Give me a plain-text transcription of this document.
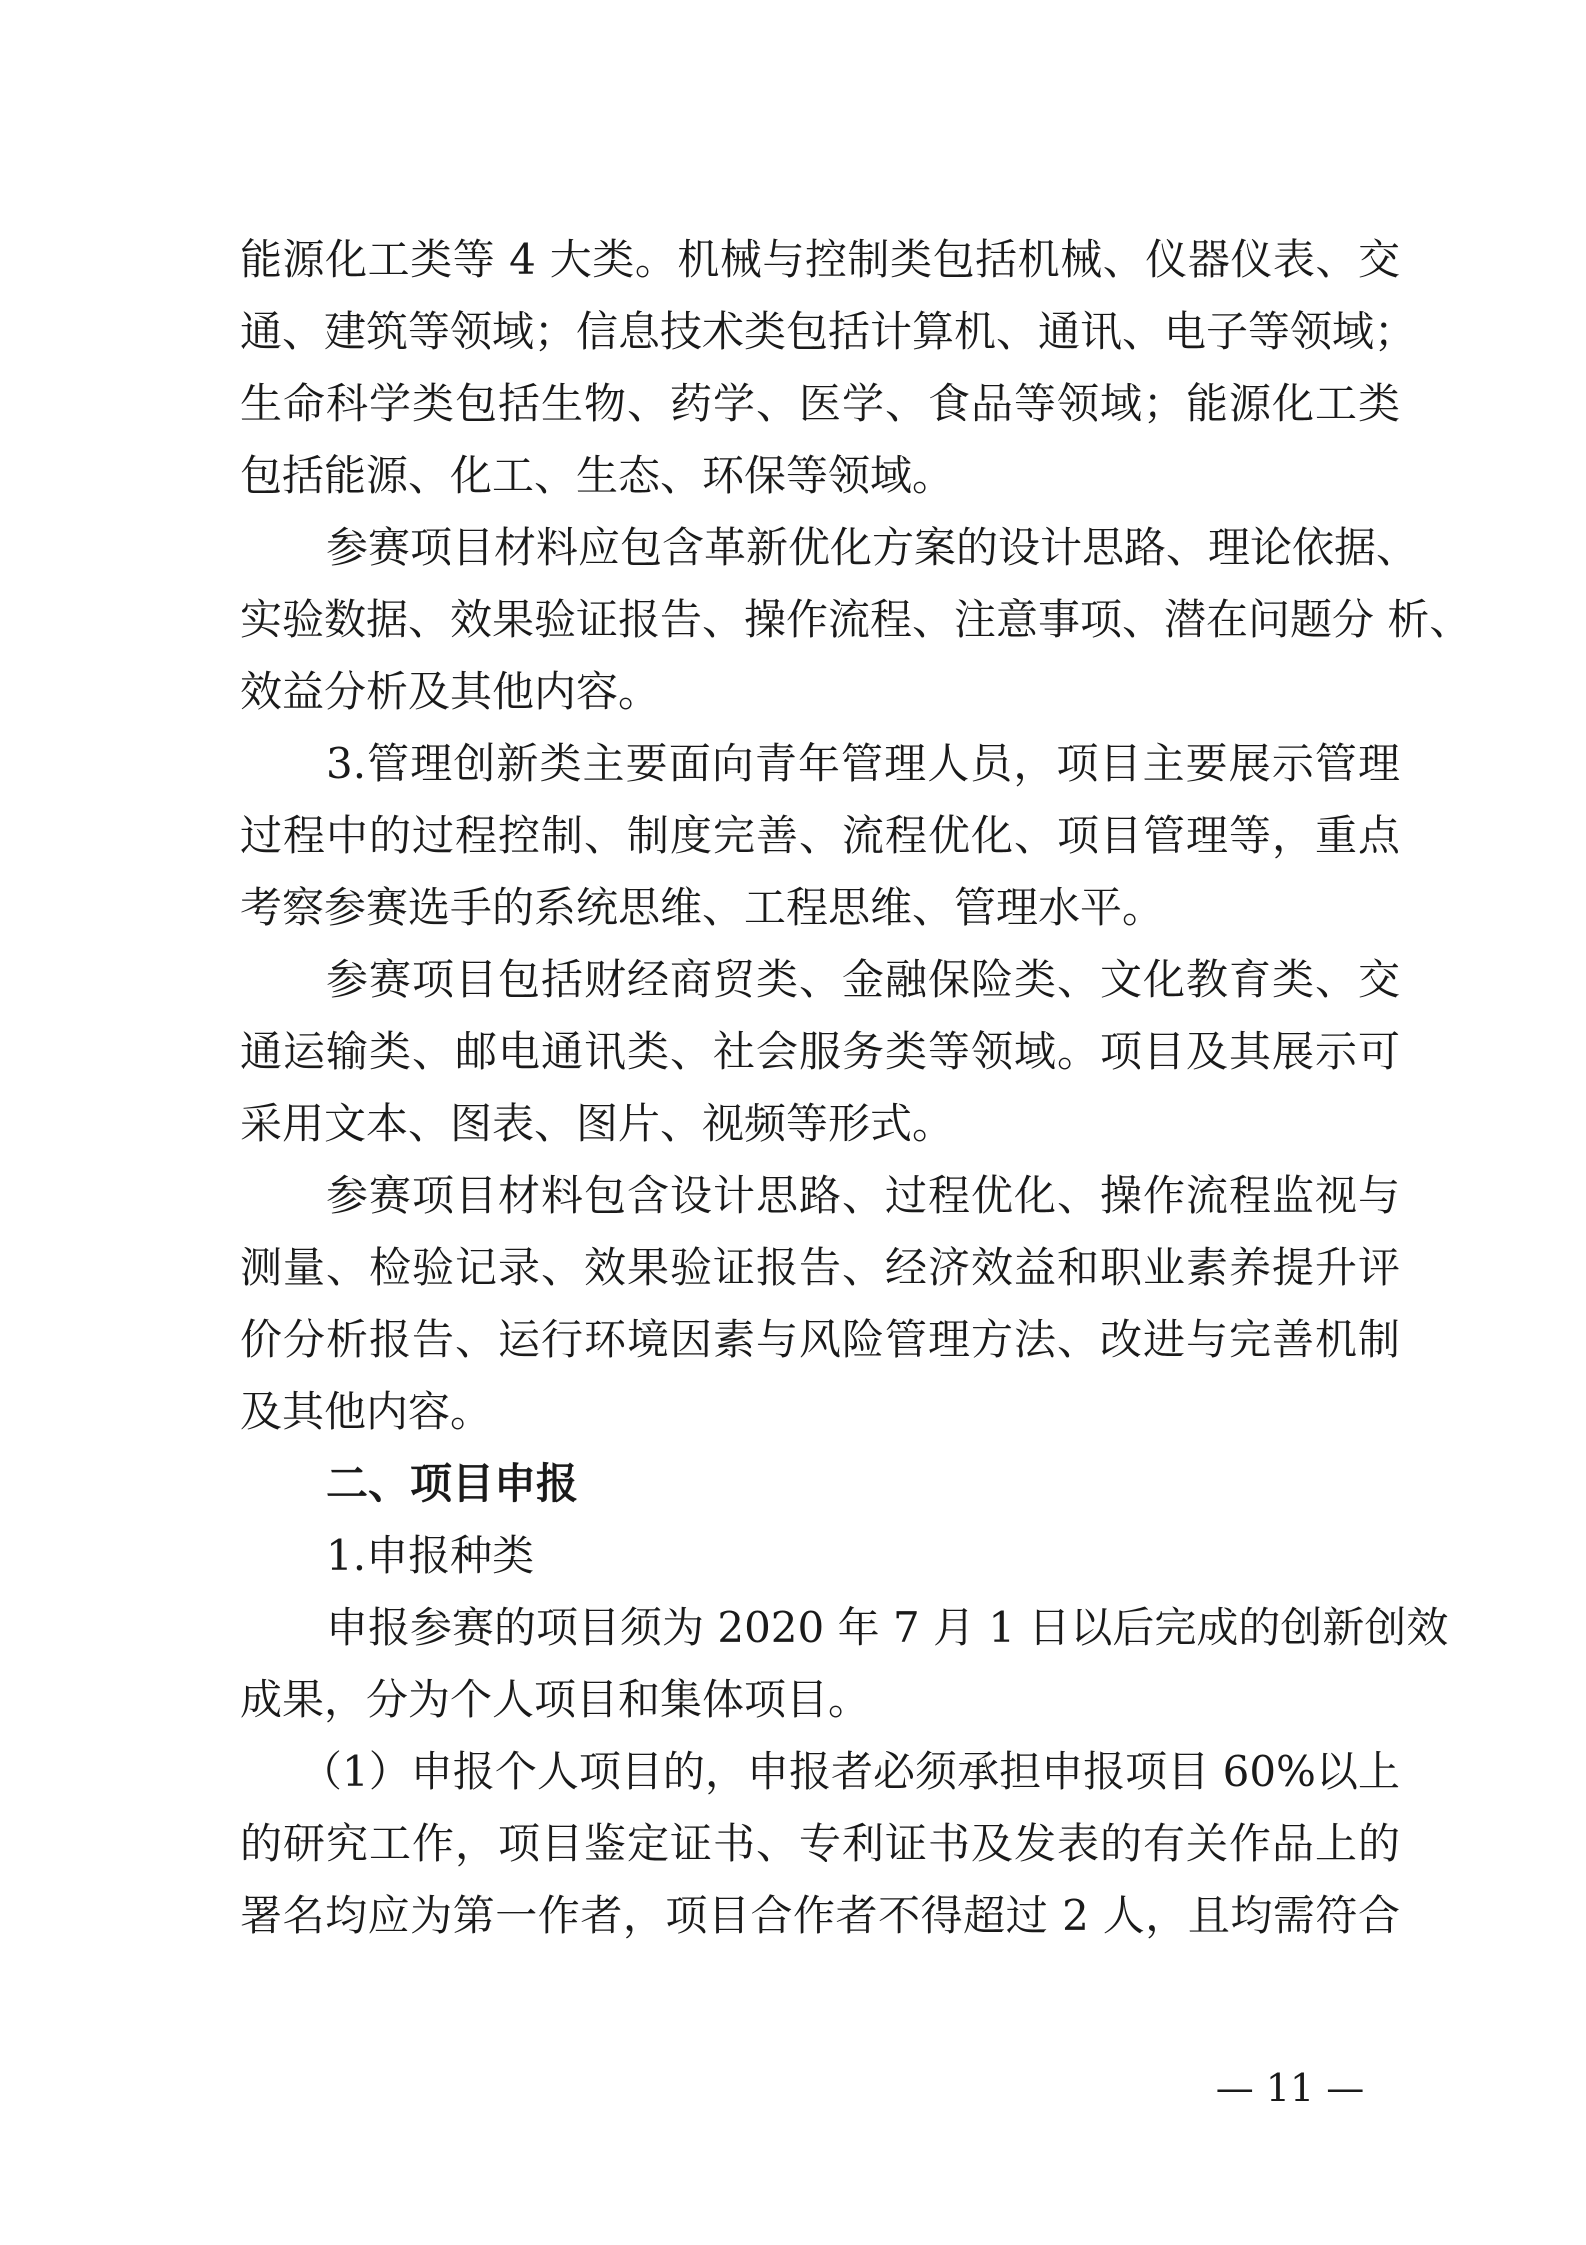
能源化工类等 4 大类。机械与控制类包括机械、仪器仪表、交
通、建筑等领域；信息技术类包括计算机、通讯、电子等领域；
生命科学类包括生物、药学、医学、食品等领域；能源化工类
包括能源、化工、生态、环保等领域。
参赛项目材料应包含革新优化方案的设计思路、理论依据、
实验数据、效果验证报告、操作流程、注意事项、潜在问题分 析、
效益分析及其他内容。
3.管理创新类主要面向青年管理人员，项目主要展示管理
过程中的过程控制、制度完善、流程优化、项目管理等，重点
考察参赛选手的系统思维、工程思维、管理水平。
参赛项目包括财经商贸类、金融保险类、文化教育类、交
通运输类、邮电通讯类、社会服务类等领域。项目及其展示可
采用文本、图表、图片、视频等形式。
参赛项目材料包含设计思路、过程优化、操作流程监视与
测量、检验记录、效果验证报告、经济效益和职业素养提升评
价分析报告、运行环境因素与风险管理方法、改进与完善机制
及其他内容。
二、项目申报
1.申报种类
申报参赛的项目须为 2020 年 7 月 1 日以后完成的创新创效
成果，分为个人项目和集体项目。
（1）申报个人项目的，申报者必须承担申报项目 60%以上
的研究工作，项目鉴定证书、专利证书及发表的有关作品上的
署名均应为第一作者，项目合作者不得超过 2 人，且均需符合
— 11 —
